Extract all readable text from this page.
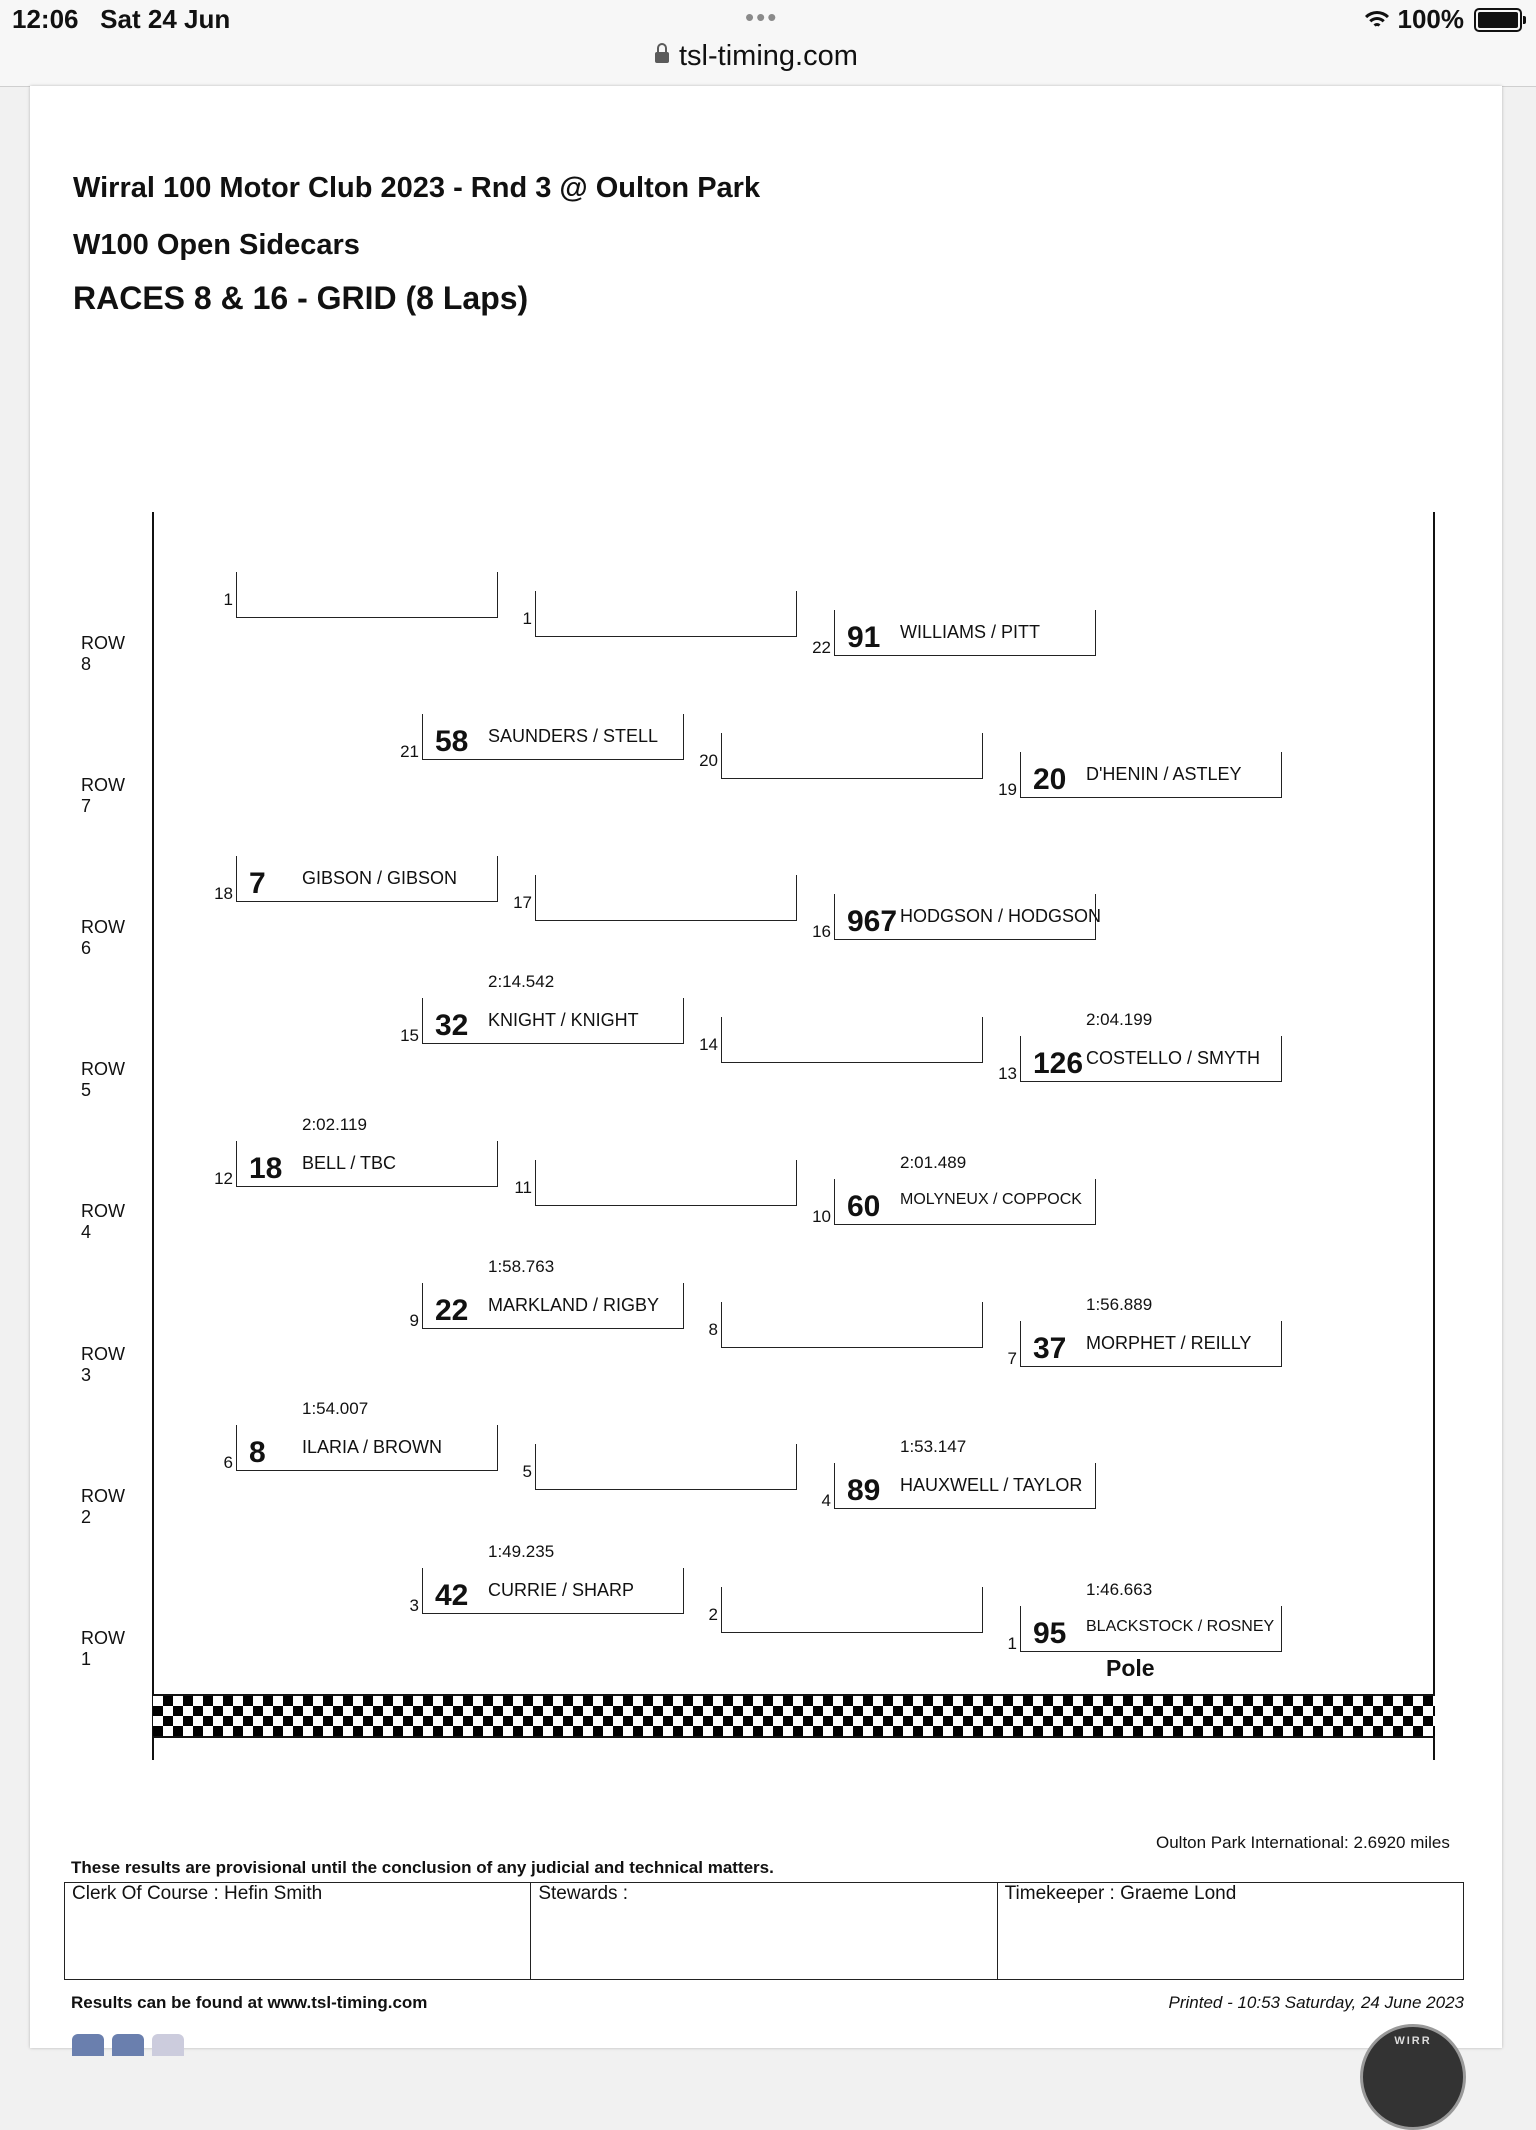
12:06 Sat 24 Jun	•••
tsl-timing.com
100%
Wirral 100 Motor Club 2023 - Rnd 3 @ Oulton Park
W100 Open Sidecars
RACES 8 & 16 - GRID (8 Laps)
ROW 8
1
1
91 WILLIAMS / PITT
22
ROW 7
58 SAUNDERS / STELL
21	20
20 D'HENIN / ASTLEY
19
ROW 6
7 GIBSON / GIBSON
18	17
967 HODGSON / HODGSON
16
ROW 5
32 KNIGHT / KNIGHT
15
2:14.542
14
126 COSTELLO / SMYTH
13
2:04.199
ROW 4
18 BELL / TBC
12
2:02.119
11
60 MOLYNEUX / COPPOCK
10
2:01.489
ROW 3
22 MARKLAND / RIGBY
9
1:58.763
8
37 MORPHET / REILLY
7
1:56.889
ROW 2
8 ILARIA / BROWN
6
1:54.007
5
89 HAUXWELL / TAYLOR
4
1:53.147
ROW 1
42 CURRIE / SHARP
3
1:49.235
2
95 BLACKSTOCK / ROSNEY
1
1:46.663
Pole
Oulton Park International: 2.6920 miles
These results are provisional until the conclusion of any judicial and technical matters.
Clerk Of Course : Hefin Smith	Stewards :	Timekeeper : Graeme Lond
Results can be found at www.tsl-timing.com	Printed - 10:53 Saturday, 24 June 2023
WIRR
